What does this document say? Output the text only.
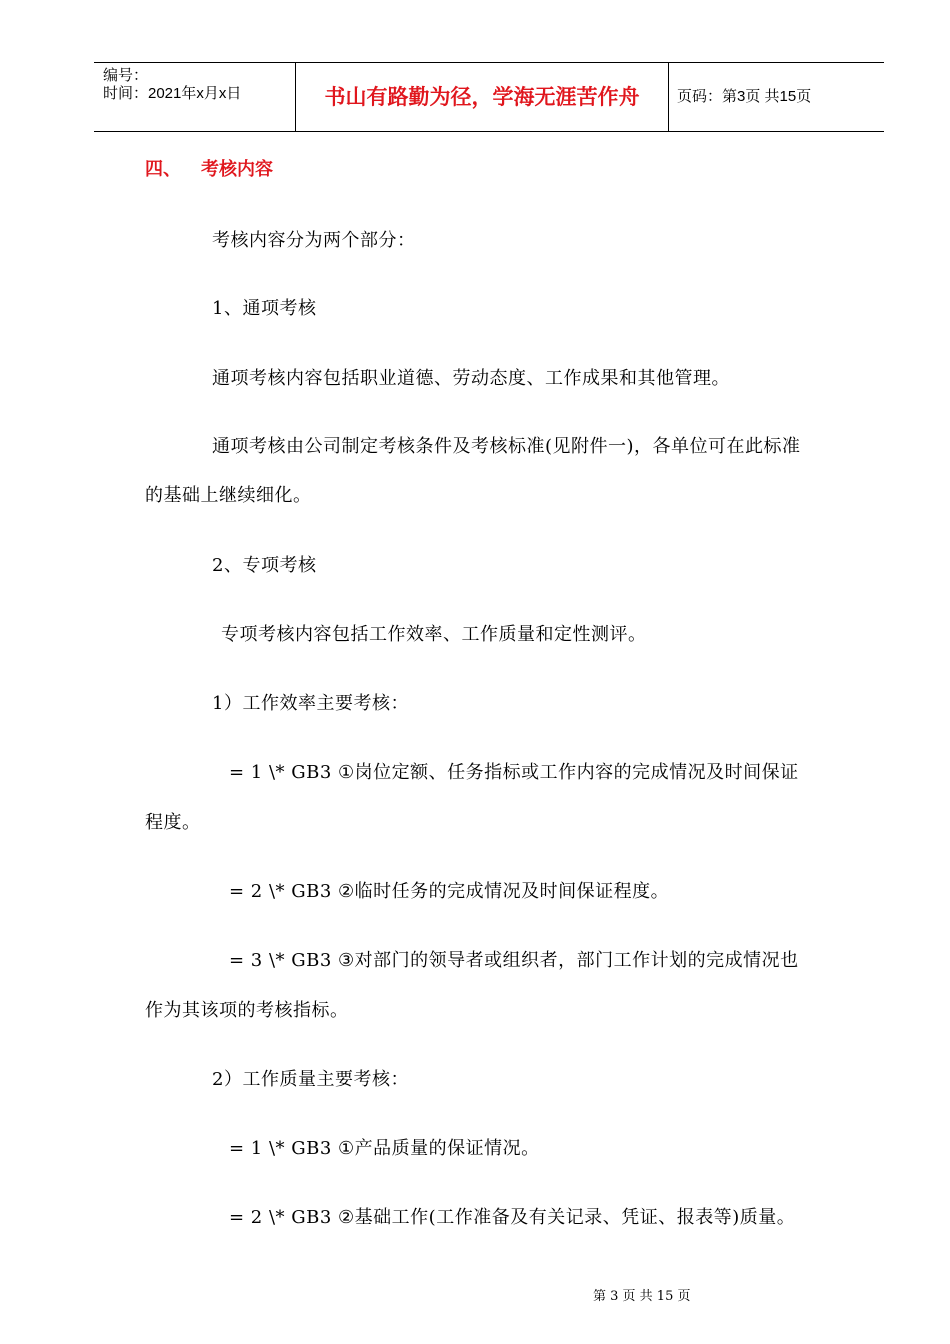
编号：
时间：2021年x月x日	书山有路勤为径，学海无涯苦作舟	页码：第3页 共15页
四、 考核内容
考核内容分为两个部分：
1、通项考核
通项考核内容包括职业道德、劳动态度、工作成果和其他管理。
通项考核由公司制定考核条件及考核标准(见附件一)，各单位可在此标准
的基础上继续细化。
2、专项考核
专项考核内容包括工作效率、工作质量和定性测评。
1）工作效率主要考核：
= 1 \* GB3 ①岗位定额、任务指标或工作内容的完成情况及时间保证
程度。
= 2 \* GB3 ②临时任务的完成情况及时间保证程度。
= 3 \* GB3 ③对部门的领导者或组织者，部门工作计划的完成情况也
作为其该项的考核指标。
2）工作质量主要考核：
= 1 \* GB3 ①产品质量的保证情况。
= 2 \* GB3 ②基础工作(工作准备及有关记录、凭证、报表等)质量。
第 3 页 共 15 页
